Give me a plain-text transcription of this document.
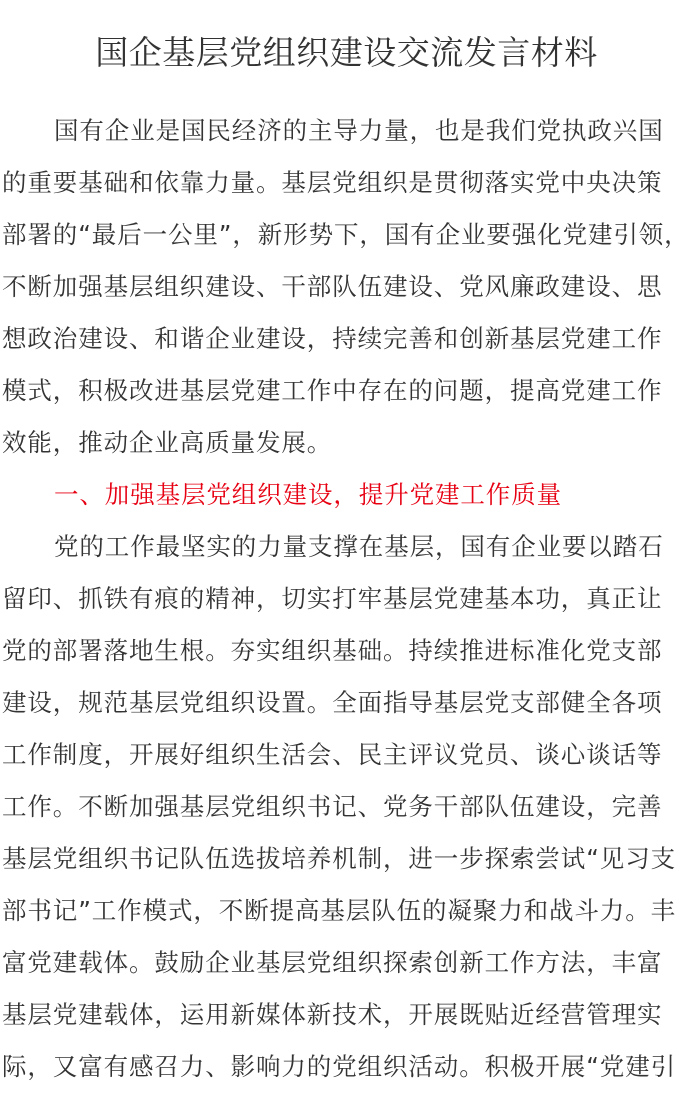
国企基层党组织建设交流发言材料
国有企业是国民经济的主导力量，也是我们党执政兴国
的重要基础和依靠力量。基层党组织是贯彻落实党中央决策
部署的“最后一公里”，新形势下，国有企业要强化党建引领，
不断加强基层组织建设、干部队伍建设、党风廉政建设、思
想政治建设、和谐企业建设，持续完善和创新基层党建工作
模式，积极改进基层党建工作中存在的问题，提高党建工作
效能，推动企业高质量发展。
一、加强基层党组织建设，提升党建工作质量
党的工作最坚实的力量支撑在基层，国有企业要以踏石
留印、抓铁有痕的精神，切实打牢基层党建基本功，真正让
党的部署落地生根。夯实组织基础。持续推进标准化党支部
建设，规范基层党组织设置。全面指导基层党支部健全各项
工作制度，开展好组织生活会、民主评议党员、谈心谈话等
工作。不断加强基层党组织书记、党务干部队伍建设，完善
基层党组织书记队伍选拔培养机制，进一步探索尝试“见习支
部书记”工作模式，不断提高基层队伍的凝聚力和战斗力。丰
富党建载体。鼓励企业基层党组织探索创新工作方法，丰富
基层党建载体，运用新媒体新技术，开展既贴近经营管理实
际，又富有感召力、影响力的党组织活动。积极开展“党建引
